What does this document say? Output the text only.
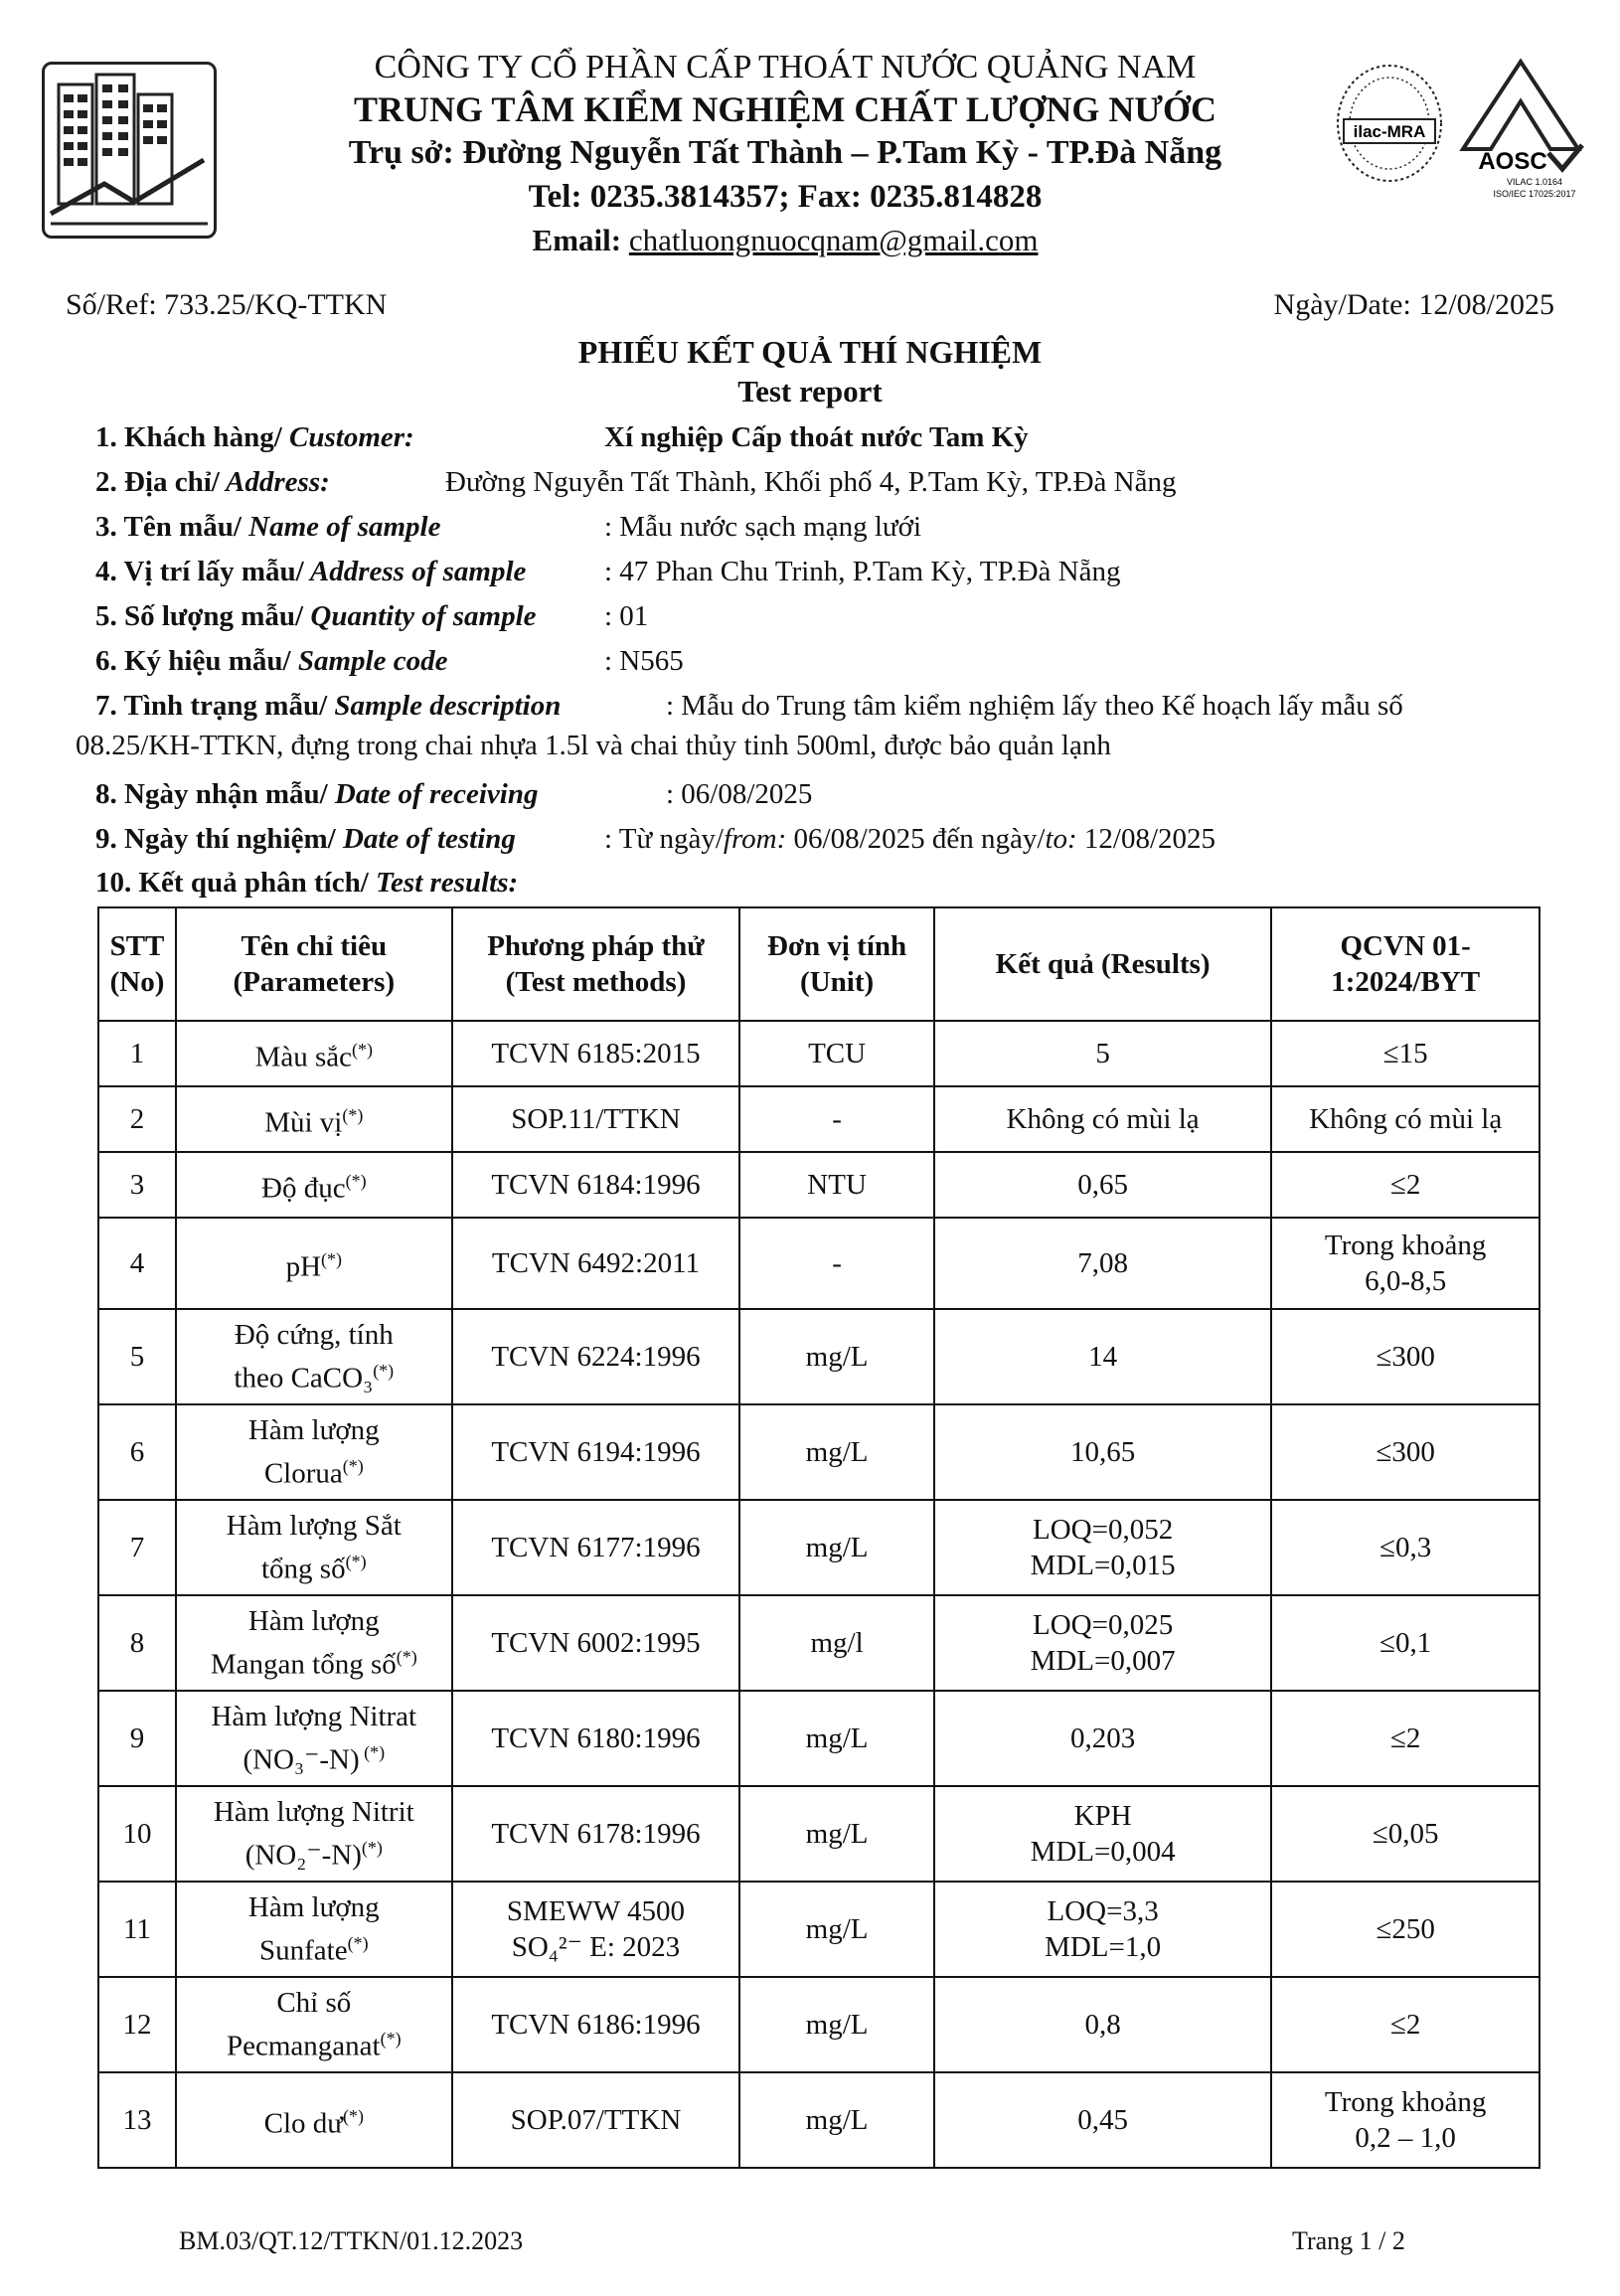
CÔNG TY CỔ PHẦN CẤP THOÁT NƯỚC QUẢNG NAM
TRUNG TÂM KIỂM NGHIỆM CHẤT LƯỢNG NƯỚC
Trụ sở: Đường Nguyễn Tất Thành – P.Tam Kỳ - TP.Đà Nẵng
Tel: 0235.3814357; Fax: 0235.814828
Email: chatluongnuocqnam@gmail.com
ilac-MRA
AOSC
VILAC 1.0164
ISO/IEC 17025:2017
Số/Ref: 733.25/KQ-TTKN	Ngày/Date: 12/08/2025
PHIẾU KẾT QUẢ THÍ NGHIỆM
Test report
1. Khách hàng/ Customer:	Xí nghiệp Cấp thoát nước Tam Kỳ
2. Địa chỉ/ Address:	Đường Nguyễn Tất Thành, Khối phố 4, P.Tam Kỳ, TP.Đà Nẵng
3. Tên mẫu/ Name of sample	: Mẫu nước sạch mạng lưới
4. Vị trí lấy mẫu/ Address of sample	: 47 Phan Chu Trinh, P.Tam Kỳ, TP.Đà Nẵng
5. Số lượng mẫu/ Quantity of sample : 01
6. Ký hiệu mẫu/ Sample code	: N565
7. Tình trạng mẫu/ Sample description	: Mẫu do Trung tâm kiểm nghiệm lấy theo Kế hoạch lấy mẫu số
08.25/KH-TTKN, đựng trong chai nhựa 1.5l và chai thủy tinh 500ml, được bảo quản lạnh
8. Ngày nhận mẫu/ Date of receiving	: 06/08/2025
9. Ngày thí nghiệm/ Date of testing	: Từ ngày/from: 06/08/2025 đến ngày/to: 12/08/2025
10. Kết quả phân tích/ Test results:
STT
(No)	Tên chỉ tiêu
(Parameters)	Phương pháp thử
(Test methods)	Đơn vị tính
(Unit)	Kết quả (Results)	QCVN 01-
1:2024/BYT
1	Màu sắc(*)	TCVN 6185:2015	TCU	5	≤15
2	Mùi vị(*)	SOP.11/TTKN	-	Không có mùi lạ	Không có mùi lạ
3	Độ đục(*)	TCVN 6184:1996	NTU	0,65	≤2
4	pH(*)	TCVN 6492:2011	-	7,08	Trong khoảng
6,0-8,5
5	Độ cứng, tính
theo CaCO₃(*)	TCVN 6224:1996	mg/L	14	≤300
6	Hàm lượng
Clorua(*)	TCVN 6194:1996	mg/L	10,65	≤300
7	Hàm lượng Sắt
tổng số(*)	TCVN 6177:1996	mg/L	LOQ=0,052
MDL=0,015	≤0,3
8	Hàm lượng
Mangan tổng số(*)	TCVN 6002:1995	mg/l	LOQ=0,025
MDL=0,007	≤0,1
9	Hàm lượng Nitrat
(NO₃⁻-N) (*)	TCVN 6180:1996	mg/L	0,203	≤2
10	Hàm lượng Nitrit
(NO₂⁻-N)(*)	TCVN 6178:1996	mg/L	KPH
MDL=0,004	≤0,05
11	Hàm lượng
Sunfate(*)	SMEWW 4500
SO₄²⁻ E: 2023	mg/L	LOQ=3,3
MDL=1,0	≤250
12	Chỉ số
Pecmanganat(*)	TCVN 6186:1996	mg/L	0,8	≤2
13	Clo dư(*)	SOP.07/TTKN	mg/L	0,45	Trong khoảng
0,2 – 1,0
BM.03/QT.12/TTKN/01.12.2023	Trang 1 / 2
